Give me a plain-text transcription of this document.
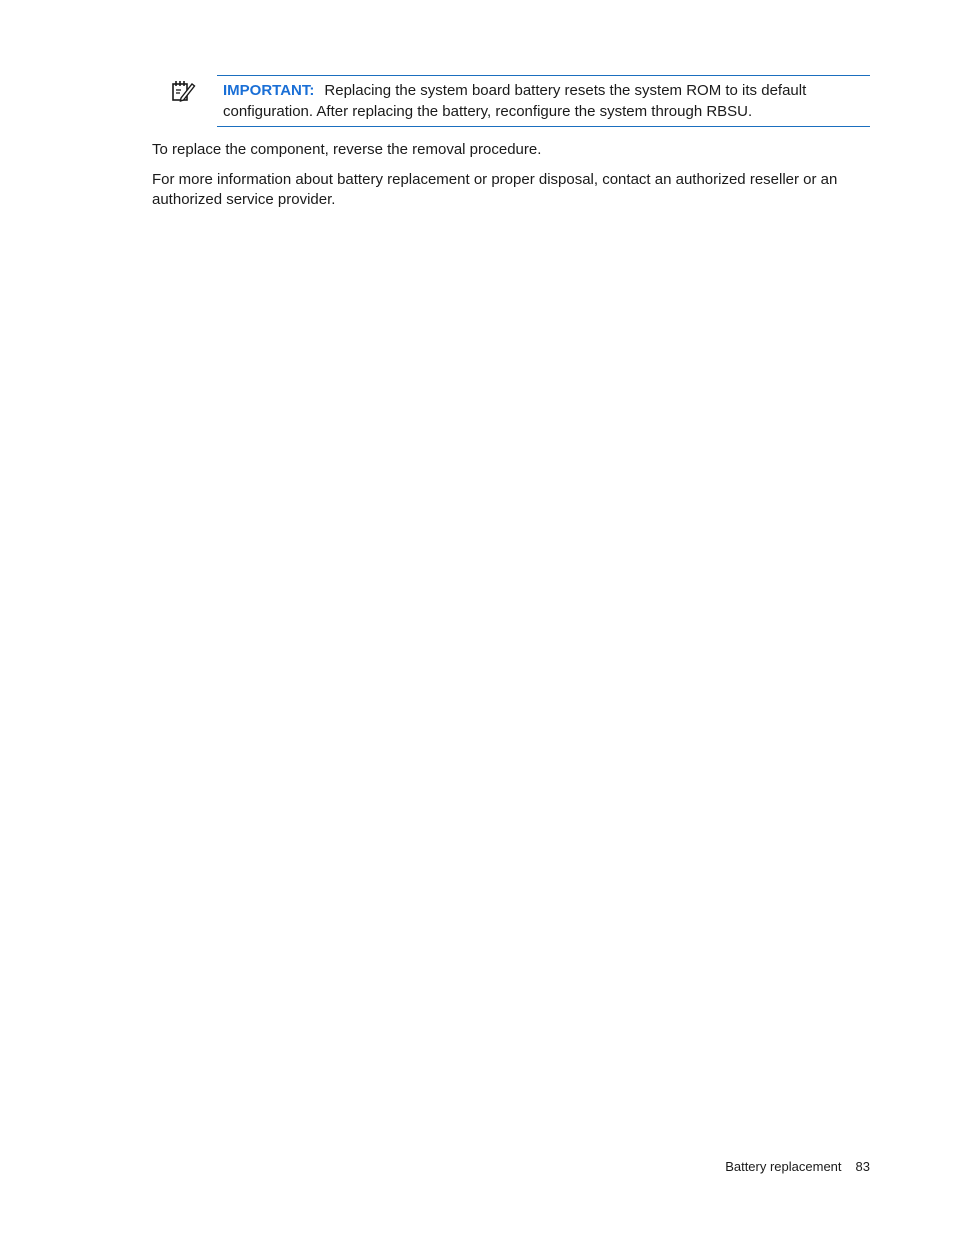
IMPORTANT: Replacing the system board battery resets the system ROM to its default configuration. After replacing the battery, reconfigure the system through RBSU.

To replace the component, reverse the removal procedure.

For more information about battery replacement or proper disposal, contact an authorized reseller or an authorized service provider.

Battery replacement 83
